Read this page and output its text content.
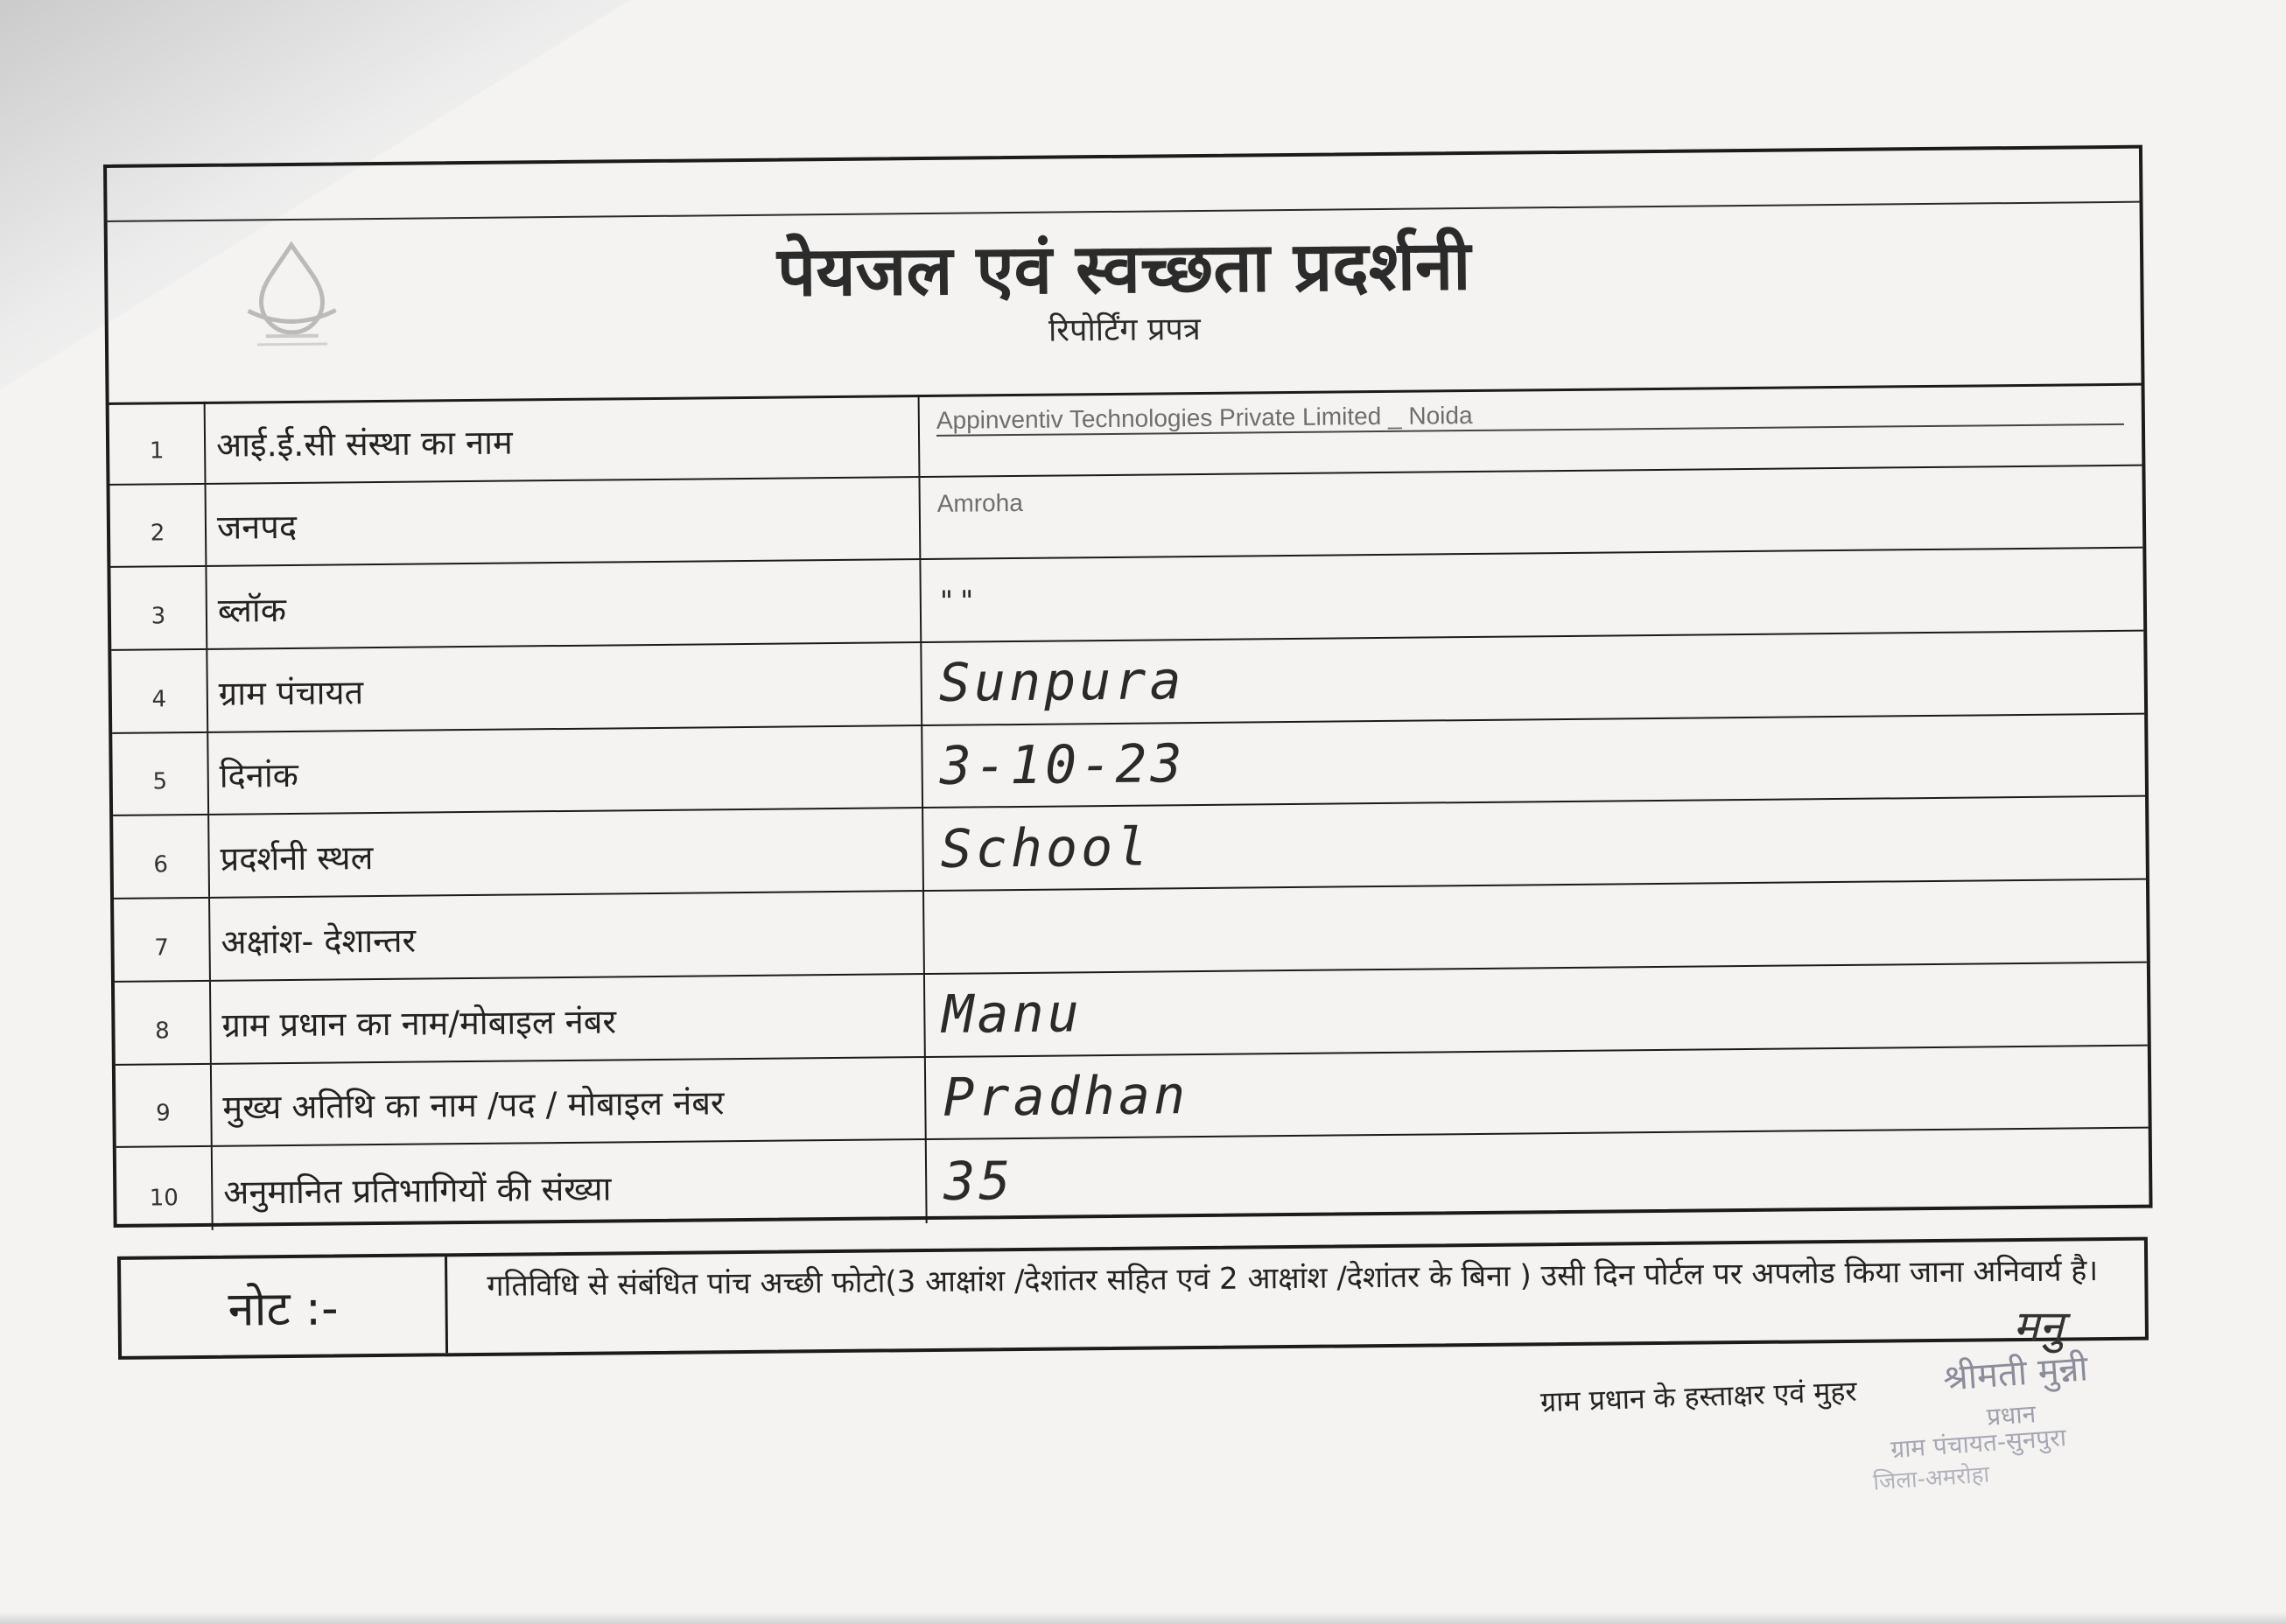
पेयजल एवं स्वच्छता प्रदर्शनी
रिपोर्टिंग प्रपत्र
1	आई.ई.सी संस्था का नाम
Appinventiv Technologies Private Limited _ Noida
2	जनपद
Amroha
3	ब्लॉक	""
4	ग्राम पंचायत	Sunpura
5	दिनांक	3-10-23
6	प्रदर्शनी स्थल	School
7	अक्षांश- देशान्तर
8	ग्राम प्रधान का नाम/मोबाइल नंबर	Manu
9	मुख्य अतिथि का नाम /पद / मोबाइल नंबर	Pradhan
10	अनुमानित प्रतिभागियों की संख्या	35
नोट :-
गतिविधि से संबंधित पांच अच्छी फोटो(3 आक्षांश /देशांतर सहित एवं 2 आक्षांश /देशांतर के बिना ) उसी दिन पोर्टल पर अपलोड किया जाना अनिवार्य है।
मनु
ग्राम प्रधान के हस्ताक्षर एवं मुहर श्रीमती मुन्नी
प्रधान
ग्राम पंचायत-सुनपुरा
जिला-अमरोहा
